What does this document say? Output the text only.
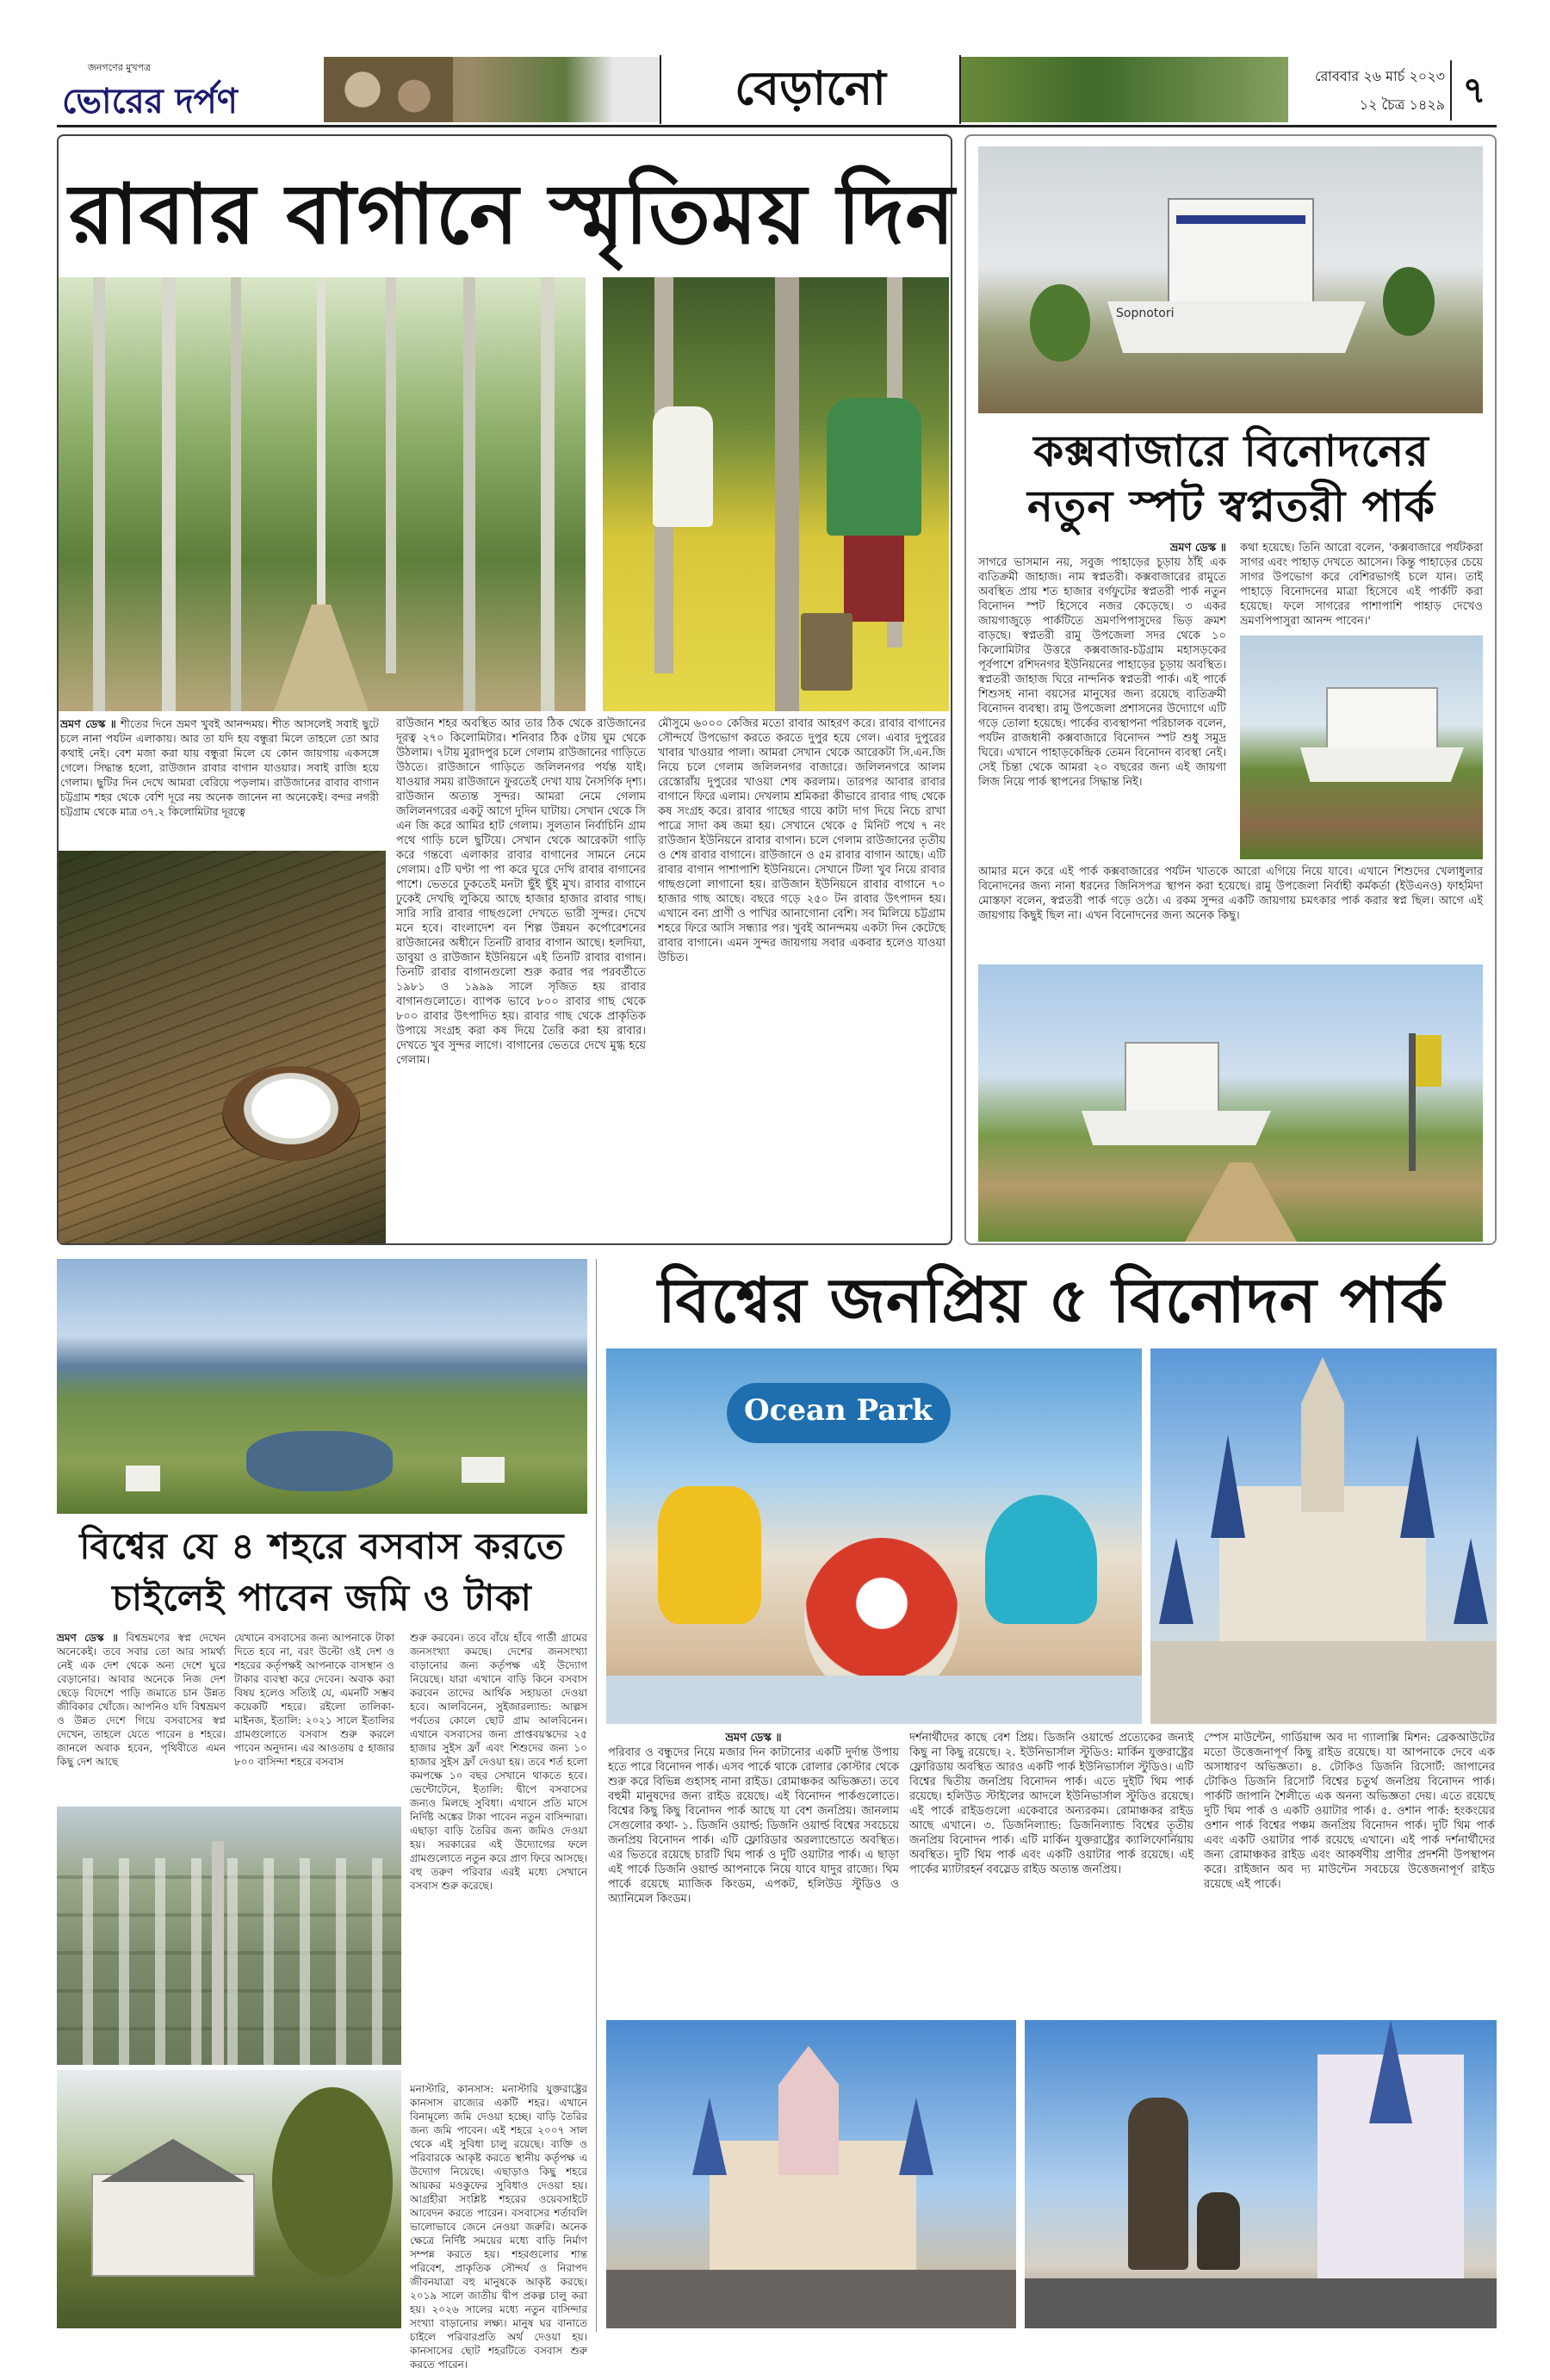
জনগণের মুখপত্র
ভোরের দর্পণ	বেড়ানো	রোববার ২৬ মার্চ ২০২৩
১২ চৈত্র ১৪২৯ ৭
রাবার বাগানে স্মৃতিময় দিন
ভ্রমণ ডেস্ক ॥ শীতের দিনে ভ্রমণ খুবই আনন্দময়। শীত আসলেই সবাই ছুটে চলে নানা পর্যটন এলাকায়। আর তা যদি হয় বন্ধুরা মিলে তাহলে তো আর কথাই নেই। বেশ মজা করা যায় বন্ধুরা মিলে যে কোন জায়গায় একসঙ্গে গেলে। সিদ্ধান্ত হলো, রাউজান রাবার বাগান যাওয়ার। সবাই রাজি হয়ে গেলাম। ছুটির দিন দেখে আমরা বেরিয়ে পড়লাম। রাউজানের রাবার বাগান চট্টগ্রাম শহর থেকে বেশি দূরে নয় অনেক জানেন না অনেকেই। বন্দর নগরী চট্টগ্রাম থেকে মাত্র ৩৭.২ কিলোমিটার দূরত্বে
রাউজান শহর অবস্থিত আর তার ঠিক থেকে রাউজানের দূরত্ব ২৭০ কিলোমিটার। শনিবার ঠিক ৫টায় ঘুম থেকে উঠলাম। ৭টায় মুরাদপুর চলে গেলাম রাউজানের গাড়িতে উঠতে। রাউজানে গাড়িতে জলিলনগর পর্যন্ত যাই। যাওয়ার সময় রাউজানে ফুরতেই দেখা যায় নৈসর্গিক দৃশ্য। রাউজান অত্যন্ত সুন্দর। আমরা নেমে গেলাম জলিলনগরের একটু আগে দুদিন ঘাটায়। সেখান থেকে সি এন জি করে আমির হাট গেলাম। সুলতান নির্বাচিনি গ্রাম পথে গাড়ি চলে ছুটিয়ে। সেখান থেকে আরেকটা গাড়ি করে গন্তব্যে এলাকার রাবার বাগানের সামনে নেমে গেলাম। ৫টি ঘণ্টা পা পা করে ঘুরে দেখি রাবার বাগানের পাশে। ভেতরে ঢুকতেই মনটা ছুঁই ছুঁই মুখ। রাবার বাগানে ঢুকেই দেখছি লুকিয়ে আছে হাজার হাজার রাবার গাছ। সারি সারি রাবার গাছগুলো দেখতে ভারী সুন্দর। দেখে মনে হবে। বাংলাদেশ বন শিল্প উন্নয়ন কর্পোরেশনের রাউজানের অধীনে তিনটি রাবার বাগান আছে। হলদিয়া, ডাবুয়া ও রাউজান ইউনিয়নে এই তিনটি রাবার বাগান। তিনটি রাবার বাগানগুলো শুরু করার পর পরবর্তীতে ১৯৮১ ও ১৯৯৯ সালে সৃজিত হয় রাবার বাগানগুলোতে। ব্যাপক ভাবে ৮০০ রাবার গাছ থেকে ৮০০ রাবার উৎপাদিত হয়। রাবার গাছ থেকে প্রাকৃতিক উপায়ে সংগ্রহ করা কষ দিয়ে তৈরি করা হয় রাবার। দেখতে খুব সুন্দর লাগে। বাগানের ভেতরে দেখে মুগ্ধ হয়ে গেলাম।
মৌসুমে ৬০০০ কেজির মতো রাবার আহরণ করে। রাবার বাগানের সৌন্দর্যে উপভোগ করতে করতে দুপুর হয়ে গেল। এবার দুপুরের খাবার খাওয়ার পালা। আমরা সেখান থেকে আরেকটা সি.এন.জি নিয়ে চলে গেলাম জলিলনগর বাজারে। জলিলনগরে আলম রেস্তোরাঁয় দুপুরের খাওয়া শেষ করলাম। তারপর আবার রাবার বাগানে ফিরে এলাম। দেখলাম শ্রমিকরা কীভাবে রাবার গাছ থেকে কষ সংগ্রহ করে। রাবার গাছের গায়ে কাটা দাগ দিয়ে নিচে রাখা পাত্রে সাদা কষ জমা হয়। সেখানে থেকে ৫ মিনিট পথে ৭ নং রাউজান ইউনিয়নে রাবার বাগান। চলে গেলাম রাউজানের তৃতীয় ও শেষ রাবার বাগানে। রাউজানে ও ৫ম রাবার বাগান আছে। এটি রাবার বাগান পাশাপাশি ইউনিয়নে। সেখানে টিলা খুব নিয়ে রাবার গাছগুলো লাগানো হয়। রাউজান ইউনিয়নে রাবার বাগানে ৭০ হাজার গাছ আছে। বছরে গড়ে ২৫০ টন রাবার উৎপাদন হয়। এখানে বন্য প্রাণী ও পাখির আনাগোনা বেশি। সব মিলিয়ে চট্টগ্রাম শহরে ফিরে আসি সন্ধ্যার পর। খুবই আনন্দময় একটা দিন কেটেছে রাবার বাগানে। এমন সুন্দর জায়গায় সবার একবার হলেও যাওয়া উচিত।
Sopnotori
কক্সবাজারে বিনোদনের
নতুন স্পট স্বপ্নতরী পার্ক
ভ্রমণ ডেস্ক ॥
সাগরে ভাসমান নয়, সবুজ পাহাড়ের চূড়ায় ঠাঁই এক ব্যতিক্রমী জাহাজ। নাম স্বপ্নতরী। কক্সবাজারের রামুতে অবস্থিত প্রায় শত হাজার বর্গফুটের স্বপ্নতরী পার্ক নতুন বিনোদন স্পট হিসেবে নজর কেড়েছে। ৩ একর জায়গাজুড়ে পার্কটিতে ভ্রমণপিপাসুদের ভিড় ক্রমশ বাড়ছে। স্বপ্নতরী রামু উপজেলা সদর থেকে ১০ কিলোমিটার উত্তরে কক্সবাজার-চট্টগ্রাম মহাসড়কের পূর্বপাশে রশিদনগর ইউনিয়নের পাহাড়ের চূড়ায় অবস্থিত। স্বপ্নতরী জাহাজ ঘিরে নান্দনিক স্বপ্নতরী পার্ক। এই পার্কে শিশুসহ নানা বয়সের মানুষের জন্য রয়েছে ব্যতিক্রমী বিনোদন ব্যবস্থা। রামু উপজেলা প্রশাসনের উদ্যোগে এটি গড়ে তোলা হয়েছে। পার্কের ব্যবস্থাপনা পরিচালক বলেন, পর্যটন রাজধানী কক্সবাজারে বিনোদন স্পট শুধু সমুদ্র ঘিরে। এখানে পাহাড়কেন্দ্রিক তেমন বিনোদন ব্যবস্থা নেই। সেই চিন্তা থেকে আমরা ২০ বছরের জন্য এই জায়গা লিজ নিয়ে পার্ক স্থাপনের সিদ্ধান্ত নিই।
কথা হয়েছে। তিনি আরো বলেন, 'কক্সবাজারে পর্যটকরা সাগর এবং পাহাড় দেখতে আসেন। কিন্তু পাহাড়ের চেয়ে সাগর উপভোগ করে বেশিরভাগই চলে যান। তাই পাহাড়ে বিনোদনের মাত্রা হিসেবে এই পার্কটি করা হয়েছে। ফলে সাগরের পাশাপাশি পাহাড় দেখেও ভ্রমণপিপাসুরা আনন্দ পাবেন।'
আমার মনে করে এই পার্ক কক্সবাজারের পর্যটন খাতকে আরো এগিয়ে নিয়ে যাবে। এখানে শিশুদের খেলাধুলার বিনোদনের জন্য নানা ধরনের জিনিসপত্র স্থাপন করা হয়েছে। রামু উপজেলা নির্বাহী কর্মকর্তা (ইউএনও) ফাহমিদা মোস্তফা বলেন, স্বপ্নতরী পার্ক গড়ে ওঠে। এ রকম সুন্দর একটি জায়গায় চমৎকার পার্ক করার স্বপ্ন ছিল। আগে এই জায়গায় কিছুই ছিল না। এখন বিনোদনের জন্য অনেক কিছু।
বিশ্বের যে ৪ শহরে বসবাস করতে
চাইলেই পাবেন জমি ও টাকা
ভ্রমণ ডেস্ক ॥ বিশ্বভ্রমণের স্বপ্ন দেখেন অনেকেই। তবে সবার তো আর সামর্থ্য নেই এক দেশ থেকে অন্য দেশে ঘুরে বেড়ানোর। আবার অনেকে নিজ দেশ ছেড়ে বিদেশে পাড়ি জমাতে চান উন্নত জীবিকার খোঁজে। আপনিও যদি বিশ্বভ্রমণ ও উন্নত দেশে গিয়ে বসবাসের স্বপ্ন দেখেন, তাহলে যেতে পারেন ৪ শহরে। জানলে অবাক হবেন, পৃথিবীতে এমন কিছু দেশ আছে
যেখানে বসবাসের জন্য আপনাকে টাকা দিতে হবে না, বরং উল্টো ওই দেশ ও শহরের কর্তৃপক্ষই আপনাকে বাসস্থান ও টাকার ব্যবস্থা করে দেবেন। অবাক করা বিষয় হলেও সত্যিই যে, এমনটি সম্ভব কয়েকটি শহরে। রইলো তালিকা- মাইনজ, ইতালি: ২০২১ সালে ইতালির গ্রামগুলোতে বসবাস শুরু করলে পাবেন অনুদান। এর আওতায় ৫ হাজার ৮০০ বাসিন্দা শহরে বসবাস
শুরু করবেন। তবে বাঁয়ে হাঁবে গার্ডী গ্রামের জনসংখ্যা কমছে। দেশের জনসংখ্যা বাড়ানোর জন্য কর্তৃপক্ষ এই উদ্যোগ নিয়েছে। যারা এখানে বাড়ি কিনে বসবাস করবেন তাদের আর্থিক সহায়তা দেওয়া হবে। আলবিনেন, সুইজারল্যান্ড: আল্পস পর্বতের কোলে ছোট গ্রাম আলবিনেন। এখানে বসবাসের জন্য প্রাপ্তবয়স্কদের ২৫ হাজার সুইস ফ্রাঁ এবং শিশুদের জন্য ১০ হাজার সুইস ফ্রাঁ দেওয়া হয়। তবে শর্ত হলো কমপক্ষে ১০ বছর সেখানে থাকতে হবে। ভেন্টোটেনে, ইতালি: দ্বীপে বসবাসের জন্যও মিলছে সুবিধা। এখানে প্রতি মাসে নির্দিষ্ট অঙ্কের টাকা পাবেন নতুন বাসিন্দারা। এছাড়া বাড়ি তৈরির জন্য জমিও দেওয়া হয়। সরকারের এই উদ্যোগের ফলে গ্রামগুলোতে নতুন করে প্রাণ ফিরে আসছে। বহু তরুণ পরিবার এরই মধ্যে সেখানে বসবাস শুরু করেছে।
মনাস্টারি, কানসাস: মনাস্টারি যুক্তরাষ্ট্রের কানসাস রাজ্যের একটি শহর। এখানে বিনামূল্যে জমি দেওয়া হচ্ছে। বাড়ি তৈরির জন্য জমি পাবেন। এই শহরে ২০০৭ সাল থেকে এই সুবিধা চালু রয়েছে। ব্যক্তি ও পরিবারকে আকৃষ্ট করতে স্থানীয় কর্তৃপক্ষ এ উদ্যোগ নিয়েছে। এছাড়াও কিছু শহরে আয়কর মওকুফের সুবিধাও দেওয়া হয়। আগ্রহীরা সংশ্লিষ্ট শহরের ওয়েবসাইটে আবেদন করতে পারেন। বসবাসের শর্তাবলি ভালোভাবে জেনে নেওয়া জরুরি। অনেক ক্ষেত্রে নির্দিষ্ট সময়ের মধ্যে বাড়ি নির্মাণ সম্পন্ন করতে হয়। শহরগুলোর শান্ত পরিবেশ, প্রাকৃতিক সৌন্দর্য ও নিরাপদ জীবনযাত্রা বহু মানুষকে আকৃষ্ট করছে। ২০১৯ সালে জাতীয় দ্বীপ প্রকল্প চালু করা হয়। ২০২৬ সালের মধ্যে নতুন বাসিন্দার সংখ্যা বাড়ানোর লক্ষ্য। মানুষ ঘর বানাতে চাইলে পরিবারপ্রতি অর্থ দেওয়া হয়। কানসাসের ছোট শহরটিতে বসবাস শুরু করতে পারেন।
বিশ্বের জনপ্রিয় ৫ বিনোদন পার্ক
Ocean Park
ভ্রমণ ডেস্ক ॥
পরিবার ও বন্ধুদের নিয়ে মজার দিন কাটানোর একটি দুর্দান্ত উপায় হতে পারে বিনোদন পার্ক। এসব পার্কে থাকে রোলার কোস্টার থেকে শুরু করে বিভিন্ন গুহাসহ নানা রাইড। রোমাঞ্চকর অভিজ্ঞতা। তবে বহুমী মানুষদের জন্য রাইড রয়েছে। এই বিনোদন পার্কগুলোতে। বিশ্বের কিছু কিছু বিনোদন পার্ক আছে যা বেশ জনপ্রিয়। জানলাম সেগুলোর কথা- ১. ডিজনি ওয়ার্ল্ড: ডিজনি ওয়ার্ল্ড বিশ্বের সবচেয়ে জনপ্রিয় বিনোদন পার্ক। এটি ফ্লোরিডার অরল্যান্ডোতে অবস্থিত। এর ভিতরে রয়েছে চারটি থিম পার্ক ও দুটি ওয়াটার পার্ক। এ ছাড়া এই পার্কে ডিজনি ওয়ার্ল্ড আপনাকে নিয়ে যাবে যাদুর রাজ্যে। থিম পার্কে রয়েছে ম্যাজিক কিংডম, এপকট, হলিউড স্টুডিও ও অ্যানিমেল কিংডম।
দর্শনার্থীদের কাছে বেশ প্রিয়। ডিজনি ওয়ার্ল্ডে প্রত্যেকের জন্যই কিছু না কিছু রয়েছে। ২. ইউনিভার্সাল স্টুডিও: মার্কিন যুক্তরাষ্ট্রের ফ্লোরিডায় অবস্থিত আরও একটি পার্ক ইউনিভার্সাল স্টুডিও। এটি বিশ্বের দ্বিতীয় জনপ্রিয় বিনোদন পার্ক। এতে দুইটি থিম পার্ক রয়েছে। হলিউড স্টাইলের আদলে ইউনিভার্সাল স্টুডিও রয়েছে। এই পার্কে রাইডগুলো একেবারে অন্যরকম। রোমাঞ্চকর রাইড আছে এখানে। ৩. ডিজনিল্যান্ড: ডিজনিল্যান্ড বিশ্বের তৃতীয় জনপ্রিয় বিনোদন পার্ক। এটি মার্কিন যুক্তরাষ্ট্রের ক্যালিফোর্নিয়ায় অবস্থিত। দুটি থিম পার্ক এবং একটি ওয়াটার পার্ক রয়েছে। এই পার্কের ম্যাটারহর্ন ববস্লেড রাইড অত্যন্ত জনপ্রিয়।
স্পেস মাউন্টেন, গার্ডিয়ান্স অব দ্য গ্যালাক্সি মিশন: ব্রেকআউটের মতো উত্তেজনাপূর্ণ কিছু রাইড রয়েছে। যা আপনাকে দেবে এক অসাধারণ অভিজ্ঞতা। ৪. টোকিও ডিজনি রিসোর্ট: জাপানের টোকিও ডিজনি রিসোর্ট বিশ্বের চতুর্থ জনপ্রিয় বিনোদন পার্ক। পার্কটি জাপানি শৈলীতে এক অনন্য অভিজ্ঞতা দেয়। এতে রয়েছে দুটি থিম পার্ক ও একটি ওয়াটার পার্ক। ৫. ওশান পার্ক: হংকংয়ের ওশান পার্ক বিশ্বের পঞ্চম জনপ্রিয় বিনোদন পার্ক। দুটি থিম পার্ক এবং একটি ওয়াটার পার্ক রয়েছে এখানে। এই পার্ক দর্শনার্থীদের জন্য রোমাঞ্চকর রাইড এবং আকর্ষণীয় প্রাণীর প্রদর্শনী উপস্থাপন করে। রাইজান অব দ্য মাউন্টেন সবচেয়ে উত্তেজনাপূর্ণ রাইড রয়েছে এই পার্কে।
